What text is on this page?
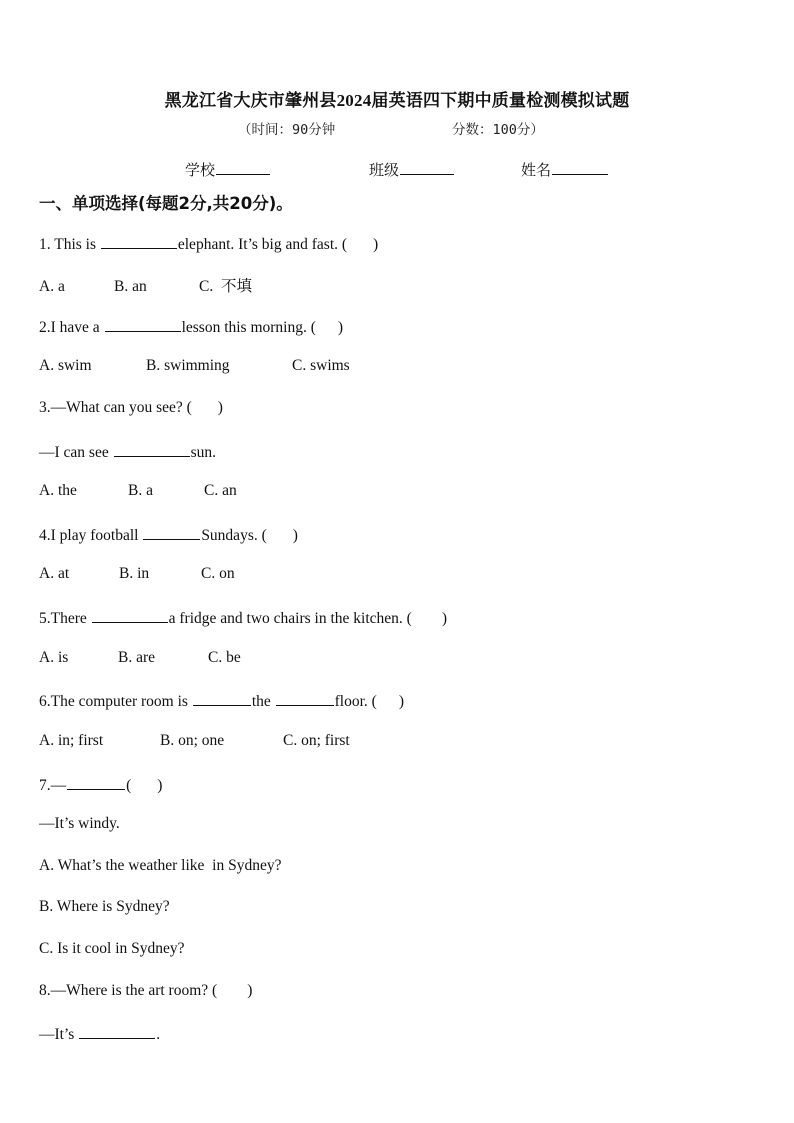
黑龙江省大庆市肇州县2024届英语四下期中质量检测模拟试题
（时间：90分钟	分数：100分）
学校	班级	姓名
一、单项选择(每题2分,共20分)。
1. This is	elephant. It’s big and fast. ( )
A. a	B. an	C.  不填
2.I have a	lesson this morning. ( )
A. swim	B. swimming	C. swims
3.—What can you see? ( )
—I can see	sun.
A. the	B. a	C. an
4.I play football	Sundays. ( )
A. at	B. in	C. on
5.There	a fridge and two chairs in the kitchen. ( )
A. is	B. are	C. be
6.The computer room is	the	floor. ( )
A. in; first	B. on; one	C. on; first
7.—	( )
—It’s windy.
A. What’s the weather like  in Sydney?
B. Where is Sydney?
C. Is it cool in Sydney?
8.—Where is the art room? ( )
—It’s	.
